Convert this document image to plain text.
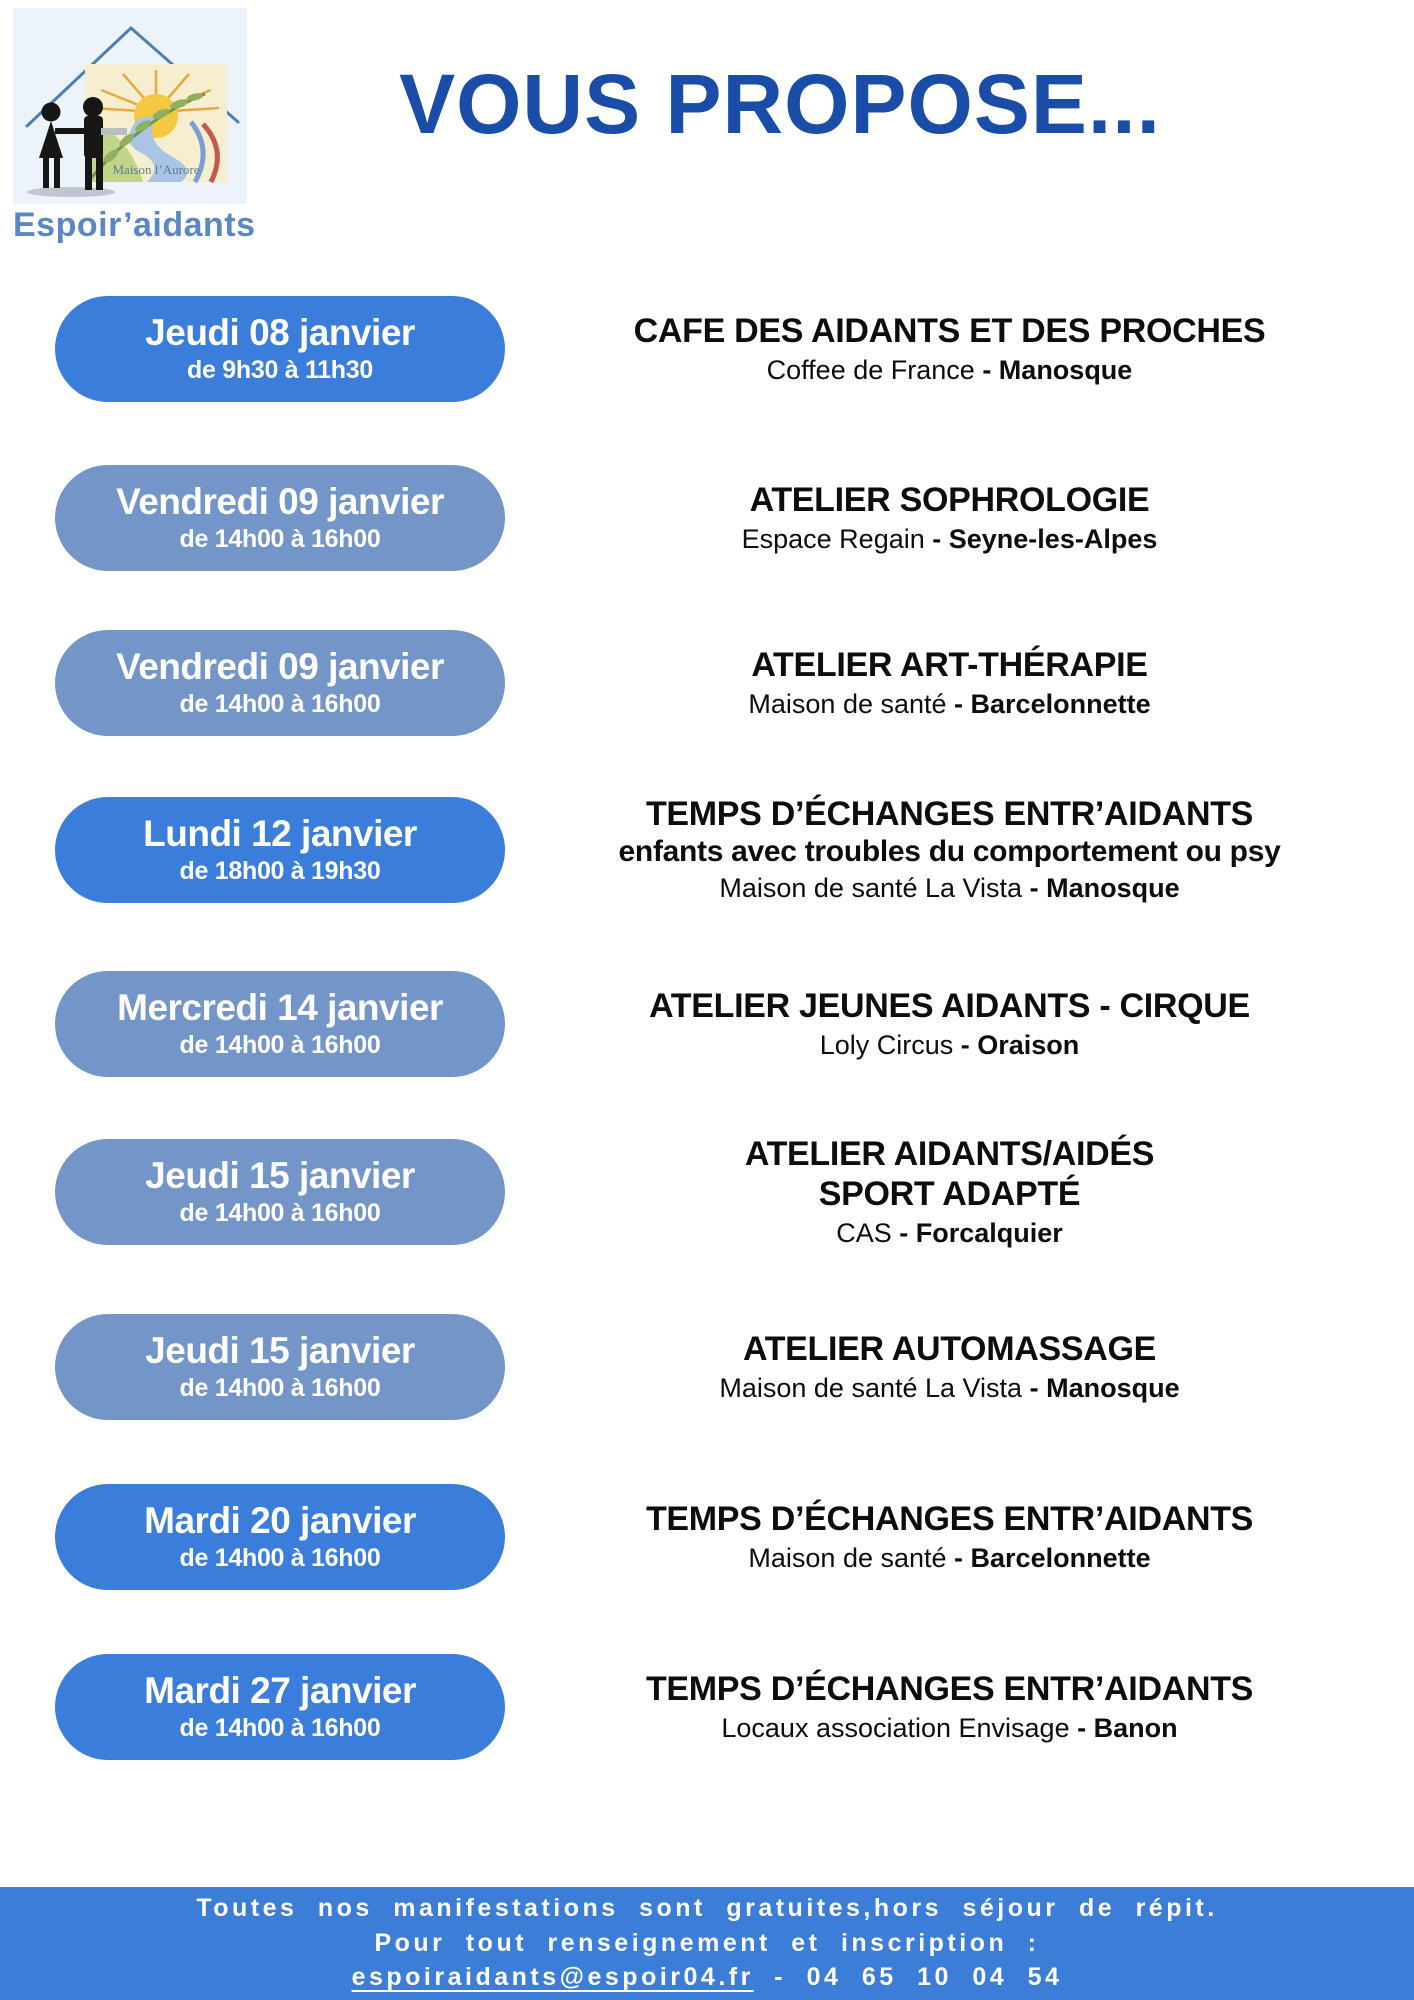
Maison l’Aurore
Espoir’aidants
VOUS PROPOSE...
Jeudi 08 janvier
de 9h30 à 11h30
CAFE DES AIDANTS ET DES PROCHES
Coffee de France - Manosque
Vendredi 09 janvier
de 14h00 à 16h00
ATELIER SOPHROLOGIE
Espace Regain - Seyne-les-Alpes
Vendredi 09 janvier
de 14h00 à 16h00
ATELIER ART-THÉRAPIE
Maison de santé - Barcelonnette
Lundi 12 janvier
de 18h00 à 19h30
TEMPS D’ÉCHANGES ENTR’AIDANTS
enfants avec troubles du comportement ou psy
Maison de santé La Vista - Manosque
Mercredi 14 janvier
de 14h00 à 16h00
ATELIER JEUNES AIDANTS - CIRQUE
Loly Circus - Oraison
Jeudi 15 janvier
de 14h00 à 16h00
ATELIER AIDANTS/AIDÉS
SPORT ADAPTÉ
CAS - Forcalquier
Jeudi 15 janvier
de 14h00 à 16h00
ATELIER AUTOMASSAGE
Maison de santé La Vista - Manosque
Mardi 20 janvier
de 14h00 à 16h00
TEMPS D’ÉCHANGES ENTR’AIDANTS
Maison de santé - Barcelonnette
Mardi 27 janvier
de 14h00 à 16h00
TEMPS D’ÉCHANGES ENTR’AIDANTS
Locaux association Envisage - Banon
Toutes nos manifestations sont gratuites,hors séjour de répit.
Pour tout renseignement et inscription :
espoiraidants@espoir04.fr - 04 65 10 04 54
